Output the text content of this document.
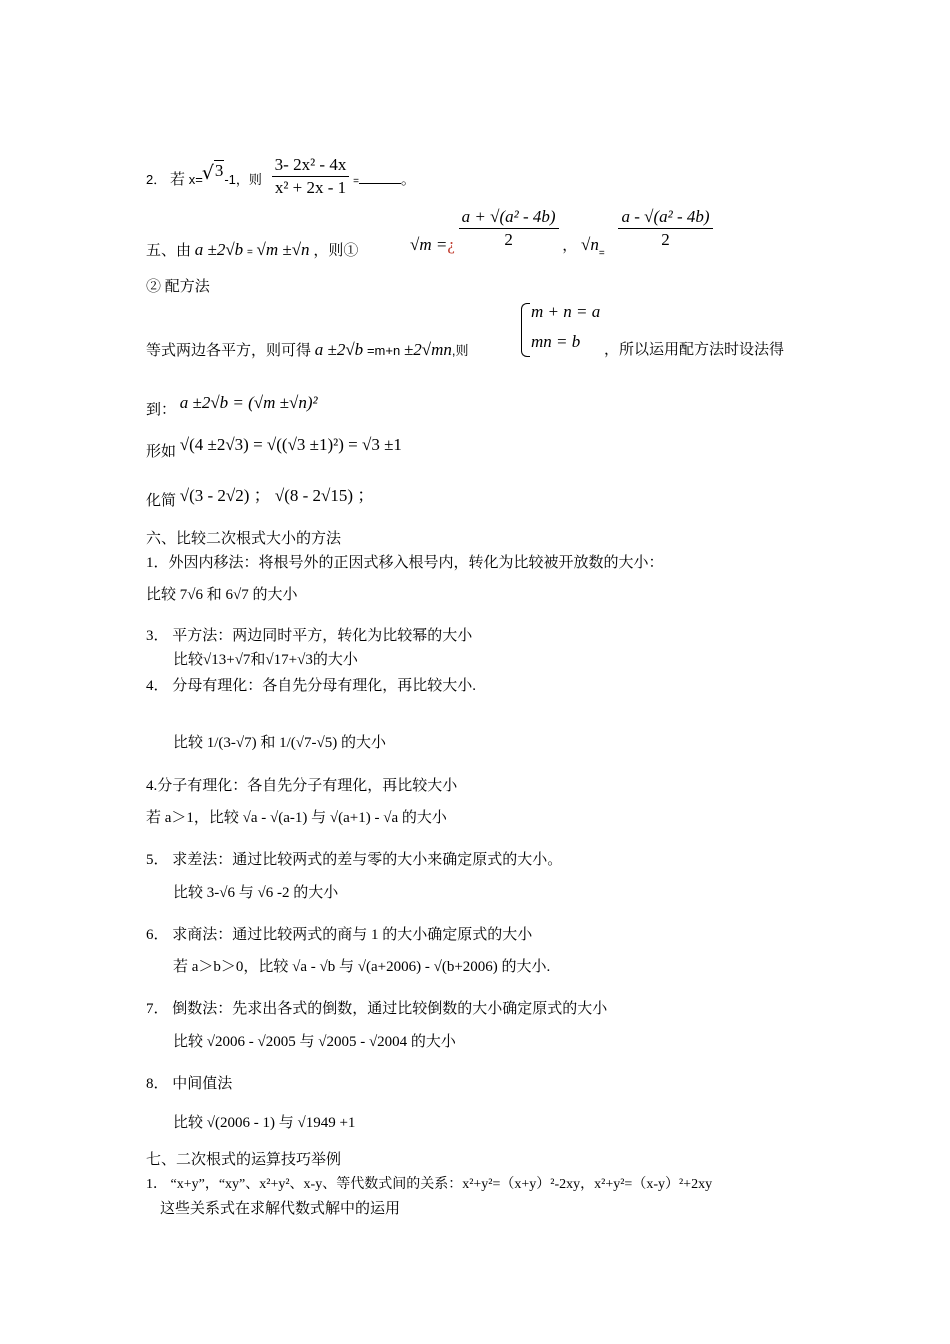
2． 若 x=√ 3-1，则 $\frac{\text{3- 2x² - 4x}}{\text{x² + 2x - 1}}$ =	。
五、由 a ±2√b = √m ±√n ，则①	√m =¿ $\frac{\text{a + √(a² - 4b)}}{2}$ ， $√n_=$
$\frac{\text{a - √(a² - 4b)}}{2}$
② 配方法
等式两边各平方，则可得 a ±2√b =m+n ±2√mn,则
m + n = a
mn = b ，所以运用配方法时设法得
到： a ±2√b = (√m ±√n)²
形如 √(4 ±2√3) = √((√3 ±1)²) = √3 ±1
化简 √(3 - 2√2) ； √(8 - 2√15) ；
六、比较二次根式大小的方法
1．外因内移法：将根号外的正因式移入根号内，转化为比较被开放数的大小：
比较 7√6 和 6√7 的大小
3． 平方法：两边同时平方，转化为比较幂的大小
比较√13+√7和√17+√3的大小
4． 分母有理化：各自先分母有理化，再比较大小.
比较 1/(3-√7) 和 1/(√7-√5) 的大小
4.分子有理化：各自先分子有理化，再比较大小
若 a＞1，比较 √a - √(a-1) 与 √(a+1) - √a 的大小
5． 求差法：通过比较两式的差与零的大小来确定原式的大小。
比较 3-√6 与 √6 -2 的大小
6． 求商法：通过比较两式的商与 1 的大小确定原式的大小
若 a＞b＞0，比较 √a - √b 与 √(a+2006) - √(b+2006) 的大小.
7． 倒数法：先求出各式的倒数，通过比较倒数的大小确定原式的大小
比较 √2006 - √2005 与 √2005 - √2004 的大小
8． 中间值法
比较 √(2006 - 1) 与 √1949 +1
七、二次根式的运算技巧举例
1． “x+y”，“xy”、x²+y²、x-y、等代数式间的关系：x²+y²=（x+y）²-2xy，x²+y²=（x-y）²+2xy
这些关系式在求解代数式解中的运用
